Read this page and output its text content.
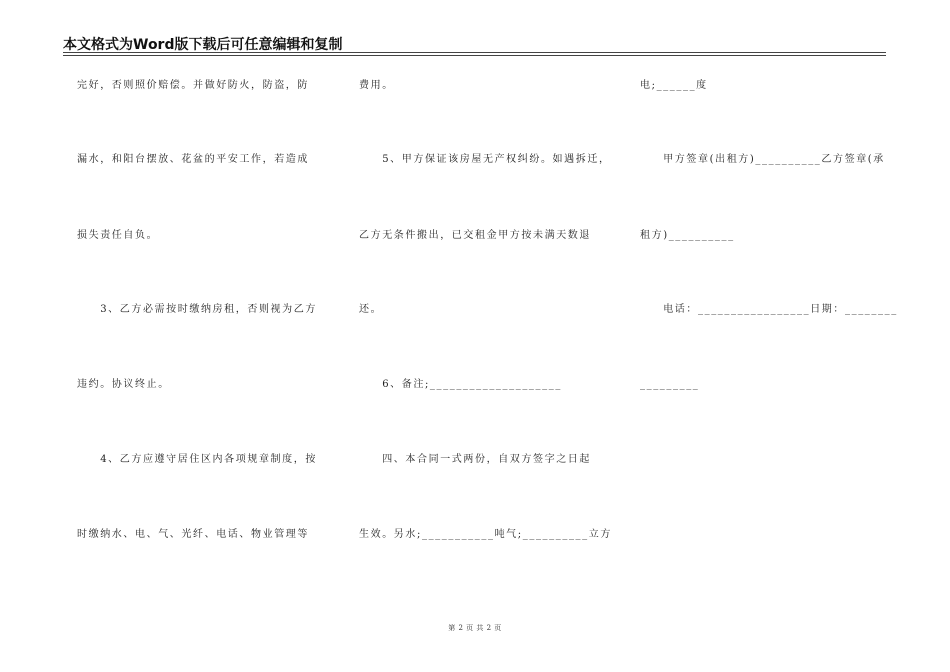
本文格式为Word版下载后可任意编辑和复制
完好，否则照价赔偿。并做好防火，防盗，防
漏水，和阳台摆放、花盆的平安工作，若造成
损失责任自负。
　　3、乙方必需按时缴纳房租，否则视为乙方
违约。协议终止。
　　4、乙方应遵守居住区内各项规章制度，按
时缴纳水、电、气、光纤、电话、物业管理等
费用。
　　5、甲方保证该房屋无产权纠纷。如遇拆迁，
乙方无条件搬出，已交租金甲方按未满天数退
还。
　　6、备注;____________________
　　四、本合同一式两份，自双方签字之日起
生效。另水;___________吨气;__________立方
电;______度
　　甲方签章(出租方)__________乙方签章(承
租方)__________
　　电话：_________________日期：________
_________
第 2 页 共 2 页
